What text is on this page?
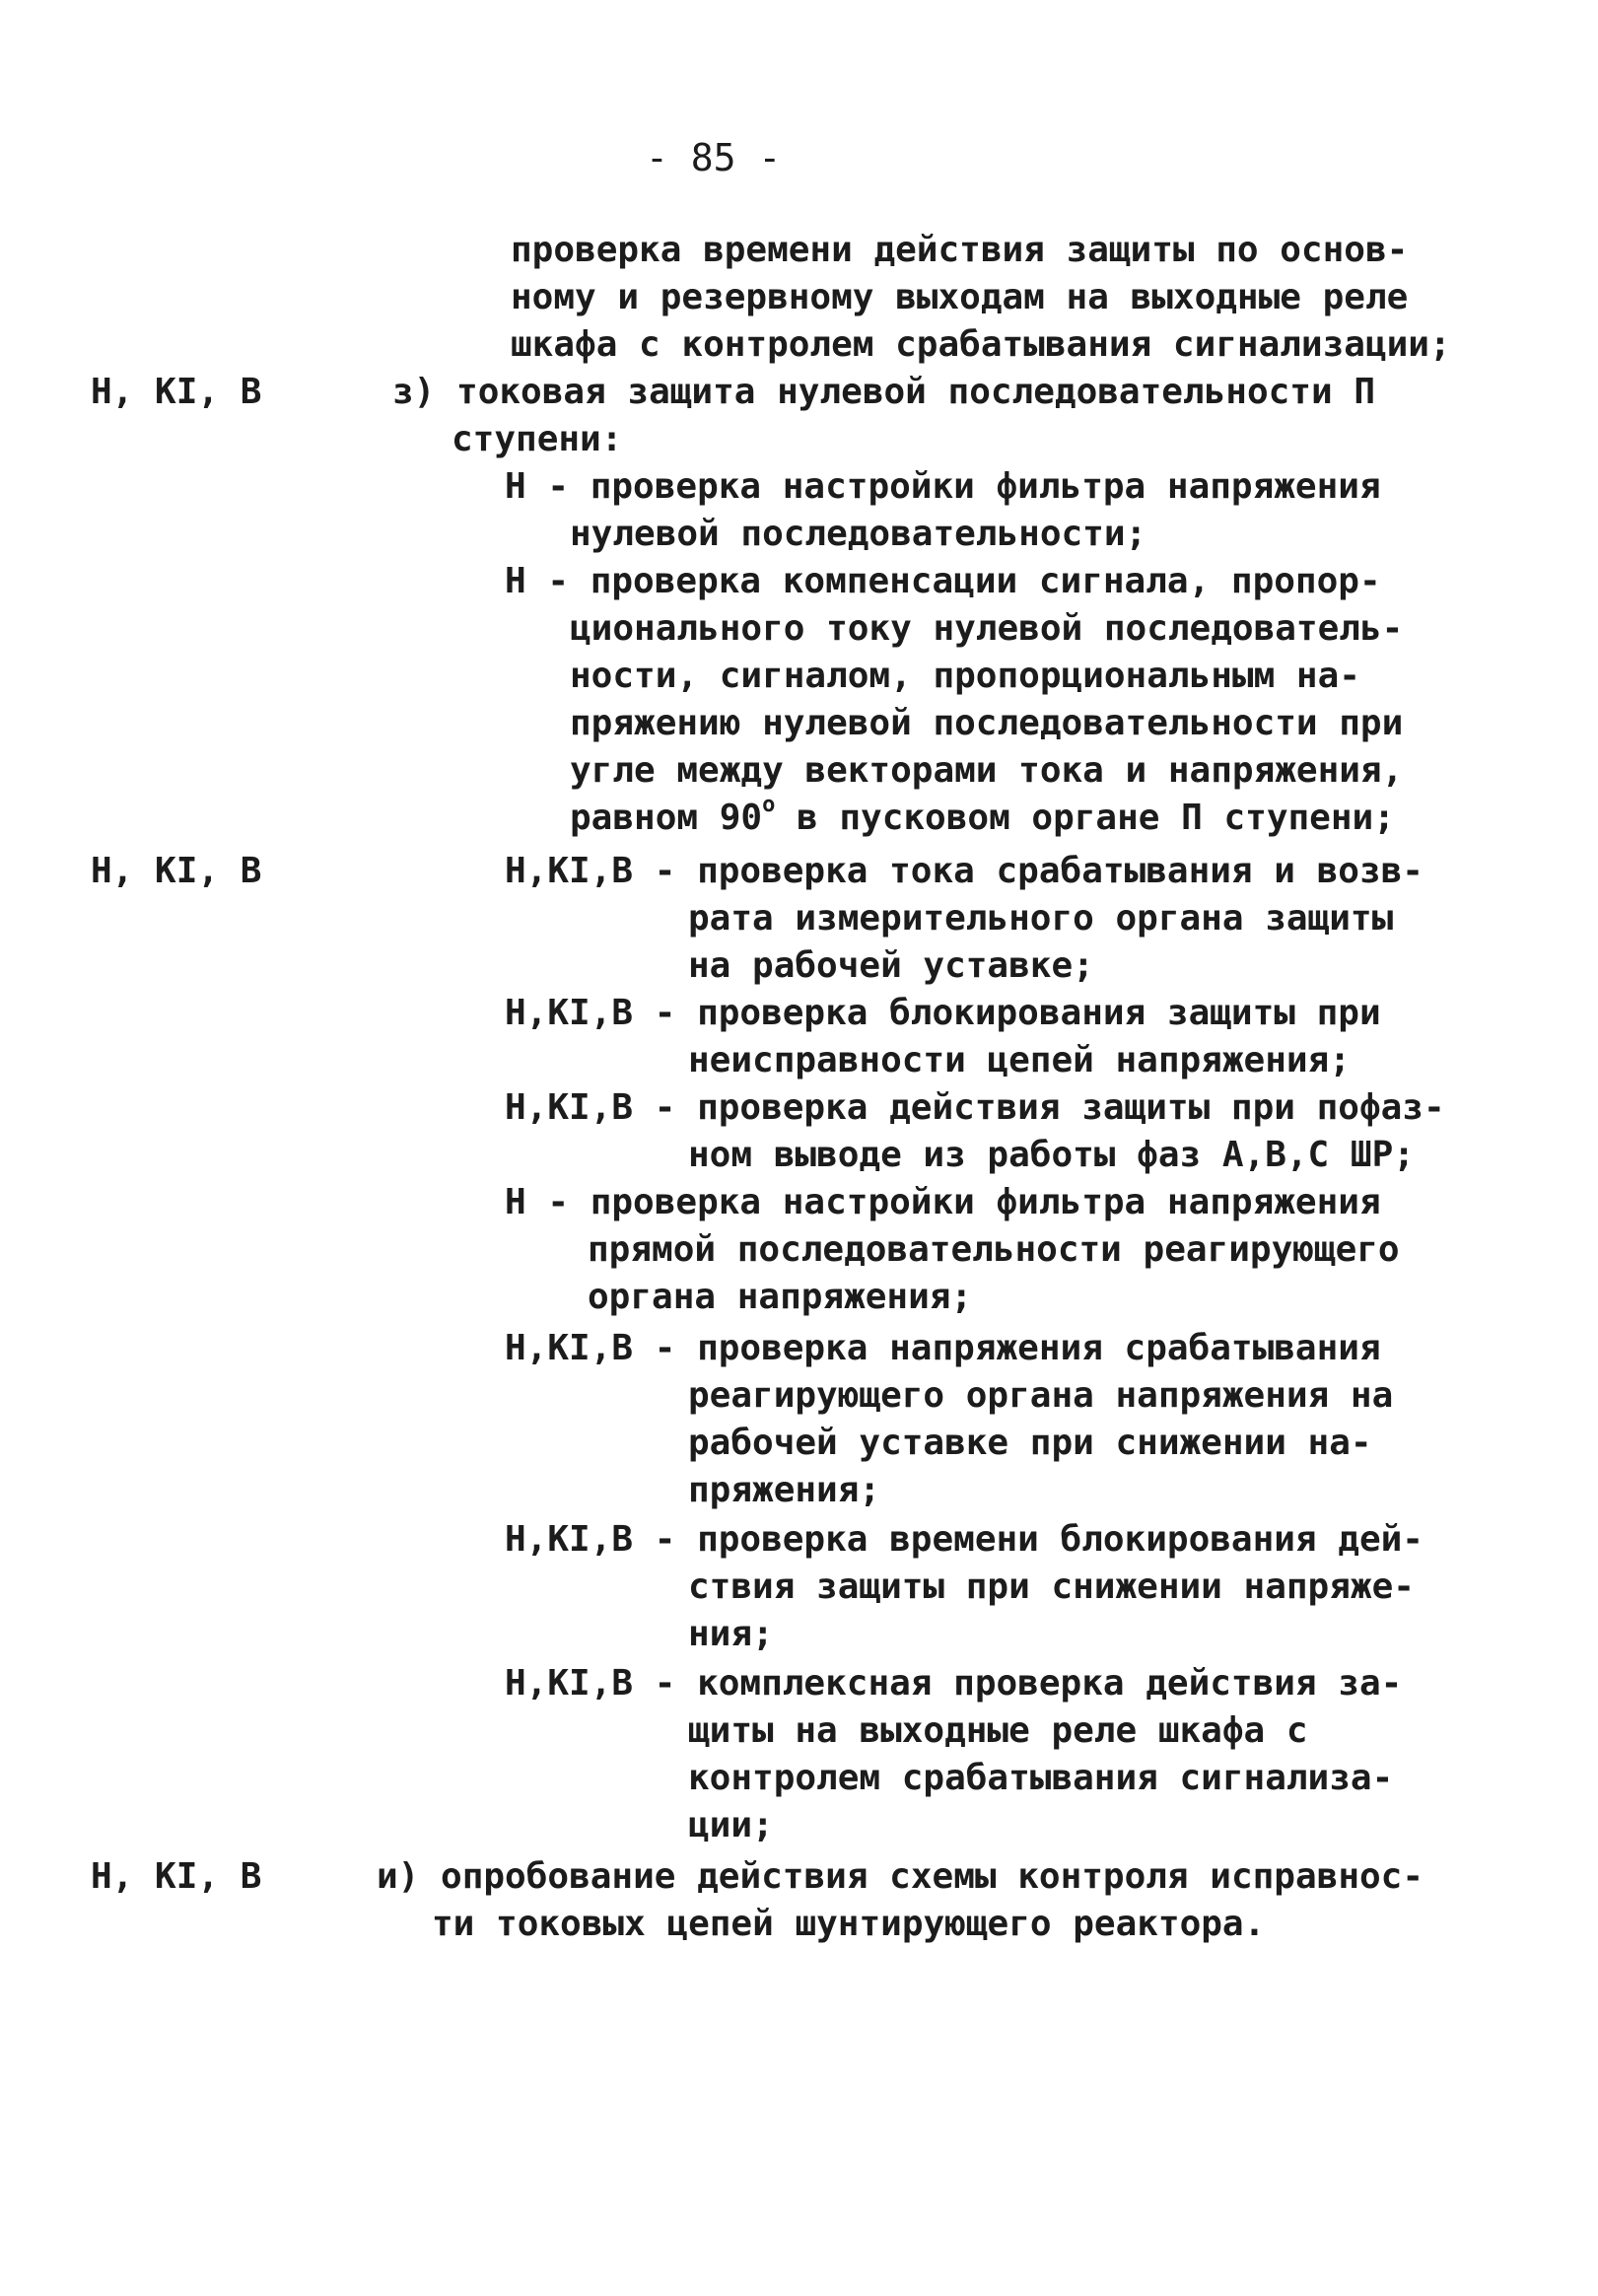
- 85 -
Н, КI, В
Н, КI, В
Н, КI, В
проверка времени действия защиты по основ-
ному и резервному выходам на выходные реле
шкафа с контролем срабатывания сигнализации;
з) токовая защита нулевой последовательности П
ступени:
Н - проверка настройки фильтра напряжения
нулевой последовательности;
Н - проверка компенсации сигнала, пропор-
ционального току нулевой последователь-
ности, сигналом, пропорциональным на-
пряжению нулевой последовательности при
угле между векторами тока и напряжения,
равном $90^о$ в пусковом органе П ступени;
Н,КI,В - проверка тока срабатывания и возв-
рата измерительного органа защиты
на рабочей уставке;
Н,КI,В - проверка блокирования защиты при
неисправности цепей напряжения;
Н,КI,В - проверка действия защиты при пофаз-
ном выводе из работы фаз А,В,С ШР;
Н - проверка настройки фильтра напряжения
прямой последовательности реагирующего
органа напряжения;
Н,КI,В - проверка напряжения срабатывания
реагирующего органа напряжения на
рабочей уставке при снижении на-
пряжения;
Н,КI,В - проверка времени блокирования дей-
ствия защиты при снижении напряже-
ния;
Н,КI,В - комплексная проверка действия за-
щиты на выходные реле шкафа с
контролем срабатывания сигнализа-
ции;
и) опробование действия схемы контроля исправнос-
ти токовых цепей шунтирующего реактора.
